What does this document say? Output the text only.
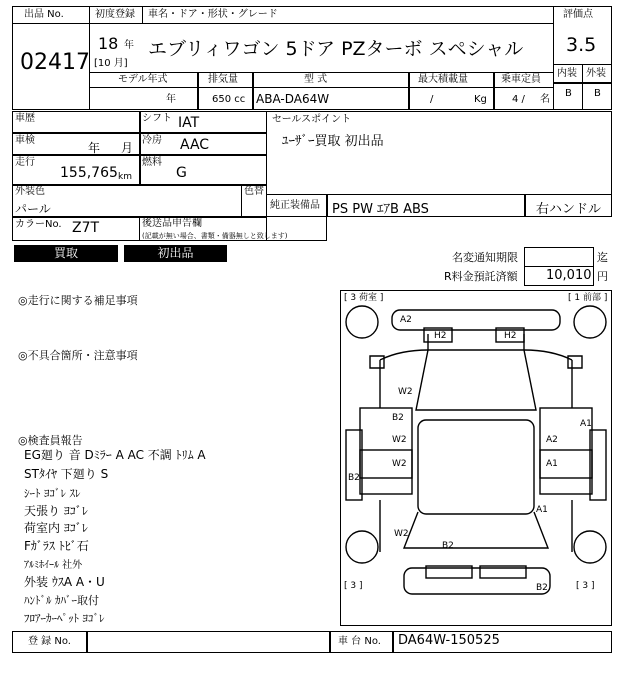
出品 No.
02417
初度登録
18 年
[10 月]
車名・ドア・形状・グレード
エブリィワゴン 5ドア PZターボ スペシャル
評価点
3.5
内装 外装
B B
モデル年式	排気量	型 式	最大積載量	乗車定員
年	650 cc ABA-DA64W	/	Kg	4 / 名
車歴	シフト IAT
車検
年 月
冷房 AAC
走行
155,765 km
燃料
G
外装色
パール
色替
カラーNo. Z7T	後送品申告欄
(記載が無い場合、書類・備器無しと致します)
セールスポイント
ﾕｰｻﾞｰ買取 初出品
純正装備品 PS PW ｴｱB ABS	右ハンドル
買取	初出品	名変通知期限	迄
R料金預託済額 10,010 円
◎走行に関する補足事項
◎不具合箇所・注意事項
◎検査員報告
EG廻り 音 Dﾐﾗｰ A AC 不調 ﾄﾘﾑ A
STﾀｲﾔ 下廻り S
ｼｰﾄ ﾖｺﾞﾚ ｽﾚ
天張り ﾖｺﾞﾚ
荷室内 ﾖｺﾞﾚ
Fｶﾞﾗｽ ﾄﾋﾞ石
ｱﾙﾐﾎｲｰﾙ 社外
外装 ｳｽA A・U
ﾊﾝﾄﾞﾙ ｶﾊﾞｰ取付
ﾌﾛｱｰｶｰﾍﾟｯﾄ ﾖｺﾞﾚ
[ 3 荷室 ]	[ 1 前部 ]
[ 3 ]	[ 3 ]
A2
H2	H2
W2
B2
W2
W2
A2
A1
A1
B2
A1
B2
W2
B2
登 録 No.	車 台 No. DA64W-150525
